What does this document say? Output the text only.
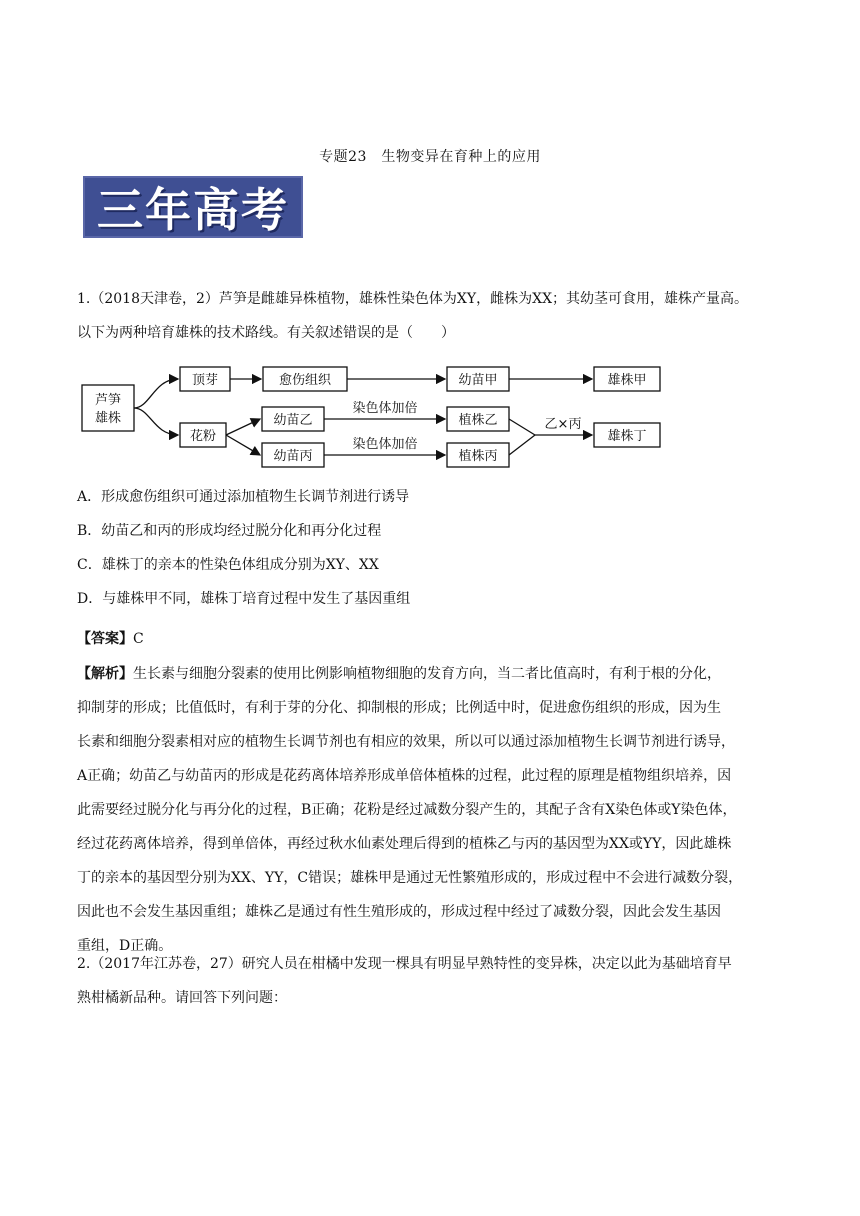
专题23　生物变异在育种上的应用
三年高考
1.（2018天津卷，2）芦笋是雌雄异株植物，雄株性染色体为XY，雌株为XX；其幼茎可食用，雄株产量高。
以下为两种培育雄株的技术路线。有关叙述错误的是（　　）
芦笋
雄株
顶芽	愈伤组织	幼苗甲	雄株甲
花粉
幼苗乙
幼苗丙
染色体加倍
染色体加倍
植株乙
植株丙
乙×丙
雄株丁
A．形成愈伤组织可通过添加植物生长调节剂进行诱导
B．幼苗乙和丙的形成均经过脱分化和再分化过程
C．雄株丁的亲本的性染色体组成分别为XY、XX
D．与雄株甲不同，雄株丁培育过程中发生了基因重组
【答案】C
【解析】生长素与细胞分裂素的使用比例影响植物细胞的发育方向，当二者比值高时，有利于根的分化，
抑制芽的形成；比值低时，有利于芽的分化、抑制根的形成；比例适中时，促进愈伤组织的形成，因为生
长素和细胞分裂素相对应的植物生长调节剂也有相应的效果，所以可以通过添加植物生长调节剂进行诱导，
A正确；幼苗乙与幼苗丙的形成是花药离体培养形成单倍体植株的过程，此过程的原理是植物组织培养，因
此需要经过脱分化与再分化的过程，B正确；花粉是经过减数分裂产生的，其配子含有X染色体或Y染色体，
经过花药离体培养，得到单倍体，再经过秋水仙素处理后得到的植株乙与丙的基因型为XX或YY，因此雄株
丁的亲本的基因型分别为XX、YY，C错误；雄株甲是通过无性繁殖形成的，形成过程中不会进行减数分裂，
因此也不会发生基因重组；雄株乙是通过有性生殖形成的，形成过程中经过了减数分裂，因此会发生基因
重组，D正确。
2.（2017年江苏卷，27）研究人员在柑橘中发现一棵具有明显早熟特性的变异株，决定以此为基础培育早
熟柑橘新品种。请回答下列问题：
